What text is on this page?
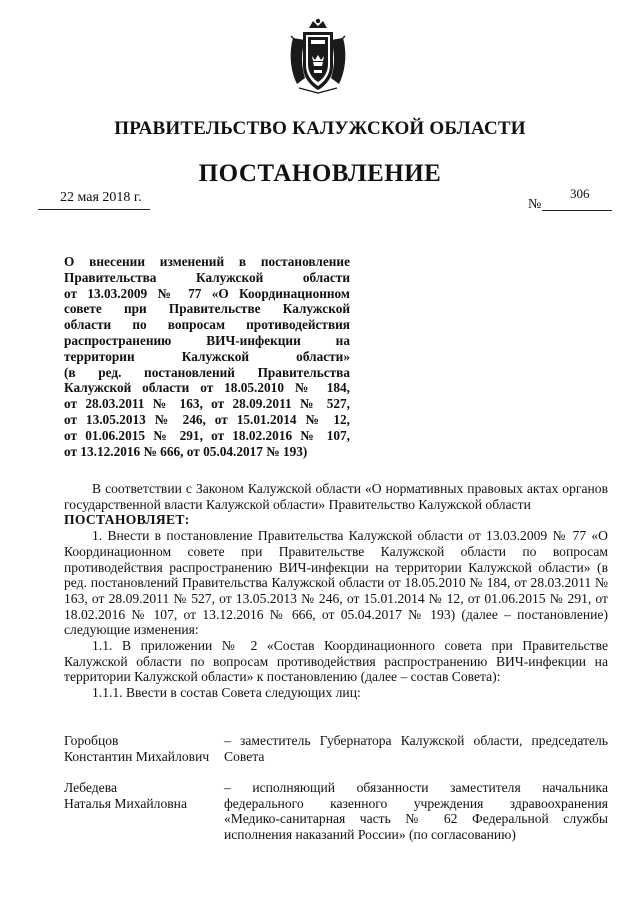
ПРАВИТЕЛЬСТВО КАЛУЖСКОЙ ОБЛАСТИ
ПОСТАНОВЛЕНИЕ
22 мая 2018 г.	№
306
О внесении изменений в постановление
Правительства Калужской области
от 13.03.2009 № 77 «О Координационном
совете при Правительстве Калужской
области по вопросам противодействия
распространению ВИЧ-инфекции на
территории Калужской области»
(в ред. постановлений Правительства
Калужской области от 18.05.2010 № 184,
от 28.03.2011 № 163, от 28.09.2011 № 527,
от 13.05.2013 № 246, от 15.01.2014 № 12,
от 01.06.2015 № 291, от 18.02.2016 № 107,
от 13.12.2016 № 666, от 05.04.2017 № 193)

В соответствии с Законом Калужской области «О нормативных правовых актах органов государственной власти Калужской области» Правительство Калужской области

ПОСТАНОВЛЯЕТ:

1. Внести в постановление Правительства Калужской области от 13.03.2009 № 77 «О Координационном совете при Правительстве Калужской области по вопросам противодействия распространению ВИЧ-инфекции на территории Калужской области» (в ред. постановлений Правительства Калужской области от 18.05.2010 № 184, от 28.03.2011 № 163, от 28.09.2011 № 527, от 13.05.2013 № 246, от 15.01.2014 № 12, от 01.06.2015 № 291, от 18.02.2016 № 107, от 13.12.2016 № 666, от 05.04.2017 № 193) (далее – постановление) следующие изменения:

1.1. В приложении № 2 «Состав Координационного совета при Правительстве Калужской области по вопросам противодействия распространению ВИЧ-инфекции на территории Калужской области» к постановлению (далее – состав Совета):

1.1.1. Ввести в состав Совета следующих лиц:

Горобцов
Константин Михайлович
– заместитель Губернатора Калужской области, председатель
Совета
Лебедева
Наталья Михайловна
– исполняющий обязанности заместителя начальника
федерального казенного учреждения здравоохранения
«Медико-санитарная часть № 62 Федеральной службы
исполнения наказаний России» (по согласованию)
